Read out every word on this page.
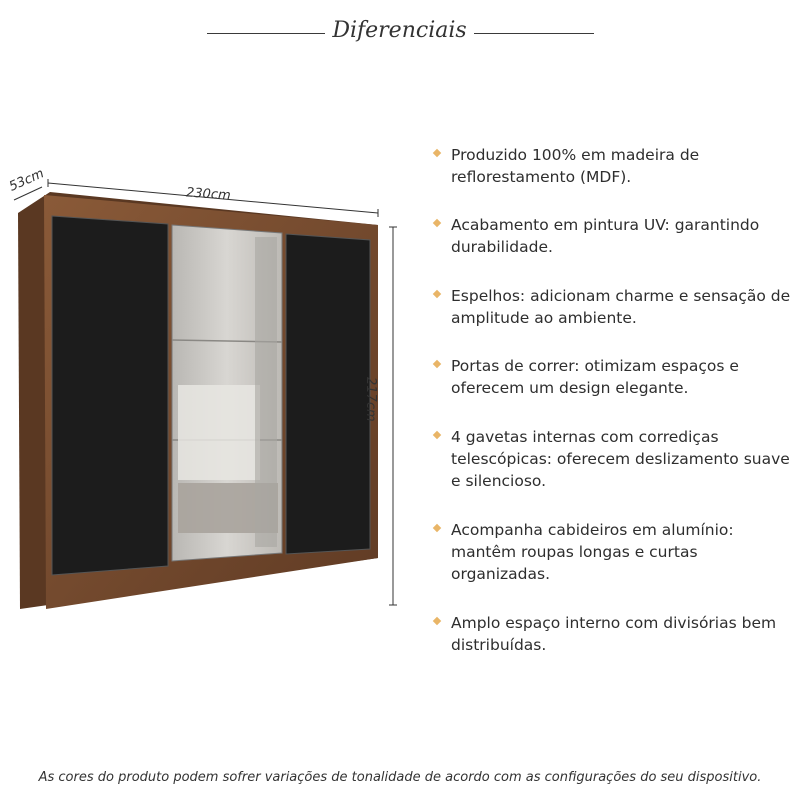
Diferenciais
53cm	230cm
217cm
Produzido 100% em madeira de reflorestamento (MDF).
Acabamento em pintura UV: garantindo durabilidade.
Espelhos: adicionam charme e sensação de amplitude ao ambiente.
Portas de correr: otimizam espaços e oferecem um design elegante.
4 gavetas internas com corrediças telescópicas: oferecem deslizamento suave e silencioso.
Acompanha cabideiros em alumínio: mantêm roupas longas e curtas organizadas.
Amplo espaço interno com divisórias bem distribuídas.
As cores do produto podem sofrer variações de tonalidade de acordo com as configurações do seu dispositivo.
